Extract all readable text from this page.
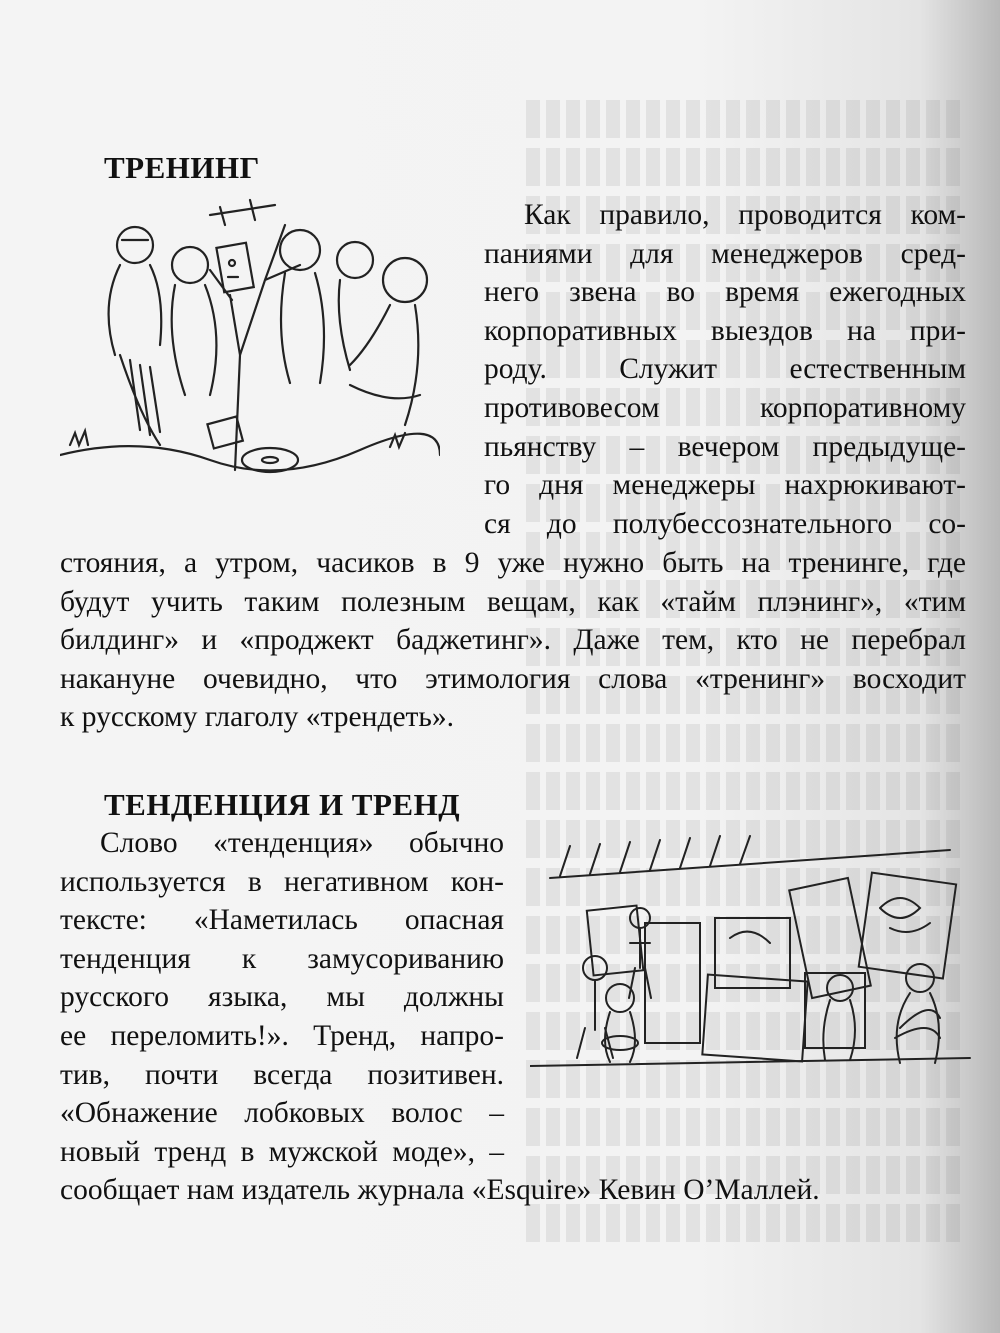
ТРЕНИНГ
Как правило, проводится ком-
паниями для менеджеров сред-
него звена во время ежегодных
корпоративных выездов на при-
роду. Служит естественным
противовесом корпоративному
пьянству – вечером предыдуще-
го дня менеджеры нахрюкивают-
ся до полубессознательного со-
стояния, а утром, часиков в 9 уже нужно быть на тренинге, где
будут учить таким полезным вещам, как «тайм плэнинг», «тим
билдинг» и «проджект баджетинг». Даже тем, кто не перебрал
накануне очевидно, что этимология слова «тренинг» восходит
к русскому глаголу «трендеть».
ТЕНДЕНЦИЯ И ТРЕНД
Слово «тенденция» обычно
используется в негативном кон-
тексте: «Наметилась опасная
тенденция к замусориванию
русского языка, мы должны
ее переломить!». Тренд, напро-
тив, почти всегда позитивен.
«Обнажение лобковых волос –
новый тренд в мужской моде», –
сообщает нам издатель журнала «Esquire» Кевин О’Маллей.
